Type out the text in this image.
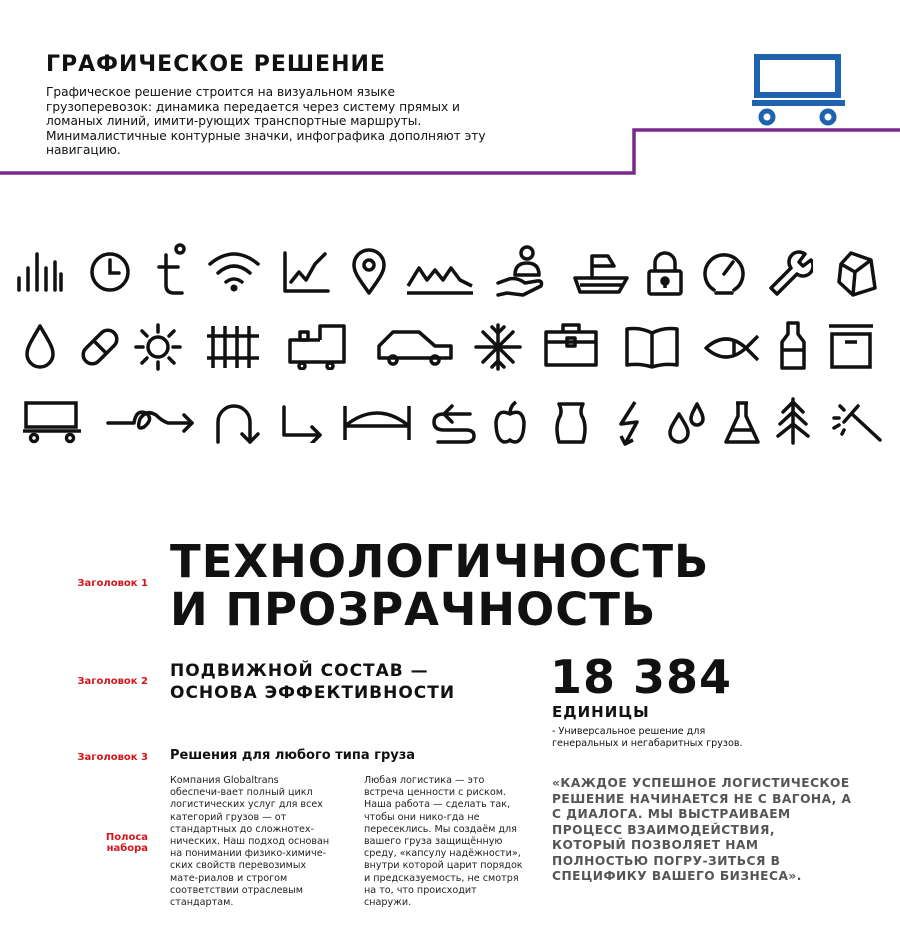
ГРАФИЧЕСКОЕ РЕШЕНИЕ
Графическое решение строится на визуальном языке грузоперевозок: динамика передается через систему прямых и ломаных линий, имити-рующих транспортные маршруты. Минималистичные контурные значки, инфографика дополняют эту навигацию.
Заголовок 1 ТЕХНОЛОГИЧНОСТЬ
И ПРОЗРАЧНОСТЬ
Заголовок 2
ПОДВИЖНОЙ СОСТАВ —
ОСНОВА ЭФФЕКТИВНОСТИ
Заголовок 3 Решения для любого типа груза
Полоса набора
Компания Globaltrans обеспечи-вает полный цикл логистических услуг для всех категорий грузов — от стандартных до сложнотех-нических. Наш подход основан на понимании физико-химиче-ских свойств перевозимых мате-риалов и строгом соответствии отраслевым стандартам.
Любая логистика — это встреча ценности с риском. Наша работа — сделать так, чтобы они нико-гда не пересеклись. Мы создаём для вашего груза защищённую среду, «капсулу надёжности», внутри которой царит порядок и предсказуемость, не смотря на то, что происходит снаружи.
18 384
ЕДИНИЦЫ
- Универсальное решение для генеральных и негабаритных грузов.
«КАЖДОЕ УСПЕШНОЕ ЛОГИСТИЧЕСКОЕ РЕШЕНИЕ НАЧИНАЕТСЯ НЕ С ВАГОНА, А С ДИАЛОГА. МЫ ВЫСТРАИВАЕМ ПРОЦЕСС ВЗАИМОДЕЙСТВИЯ, КОТОРЫЙ ПОЗВОЛЯЕТ НАМ ПОЛНОСТЬЮ ПОГРУ-ЗИТЬСЯ В СПЕЦИФИКУ ВАШЕГО БИЗНЕСА».
